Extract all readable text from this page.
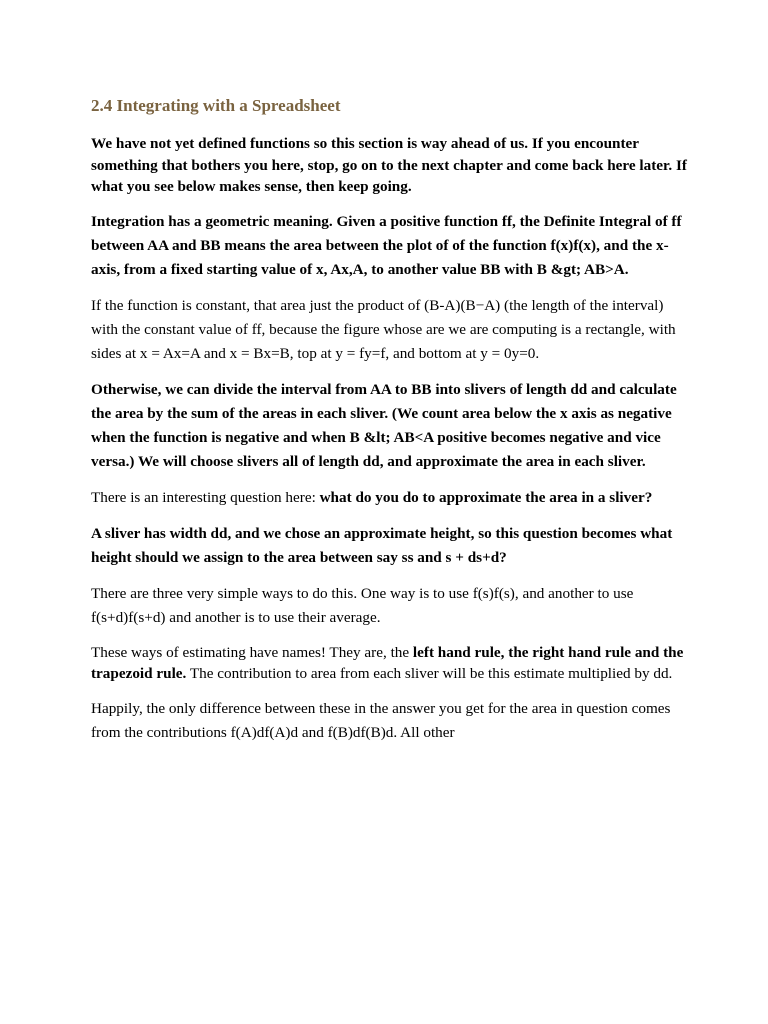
2.4 Integrating with a Spreadsheet
We have not yet defined functions so this section is way ahead of us. If you encounter something that bothers you here, stop, go on to the next chapter and come back here later. If what you see below makes sense, then keep going.
Integration has a geometric meaning. Given a positive function ff, the Definite Integral of ff between AA and BB means the area between the plot of of the function f(x)f(x), and the x-axis, from a fixed starting value of x, Ax,A, to another value BB with B &gt; AB>A.
If the function is constant, that area just the product of (B-A)(B−A) (the length of the interval) with the constant value of ff, because the figure whose are we are computing is a rectangle, with sides at x = Ax=A and x = Bx=B, top at y = fy=f, and bottom at y = 0y=0.
Otherwise, we can divide the interval from AA to BB into slivers of length dd and calculate the area by the sum of the areas in each sliver. (We count area below the x axis as negative when the function is negative and when B &lt; AB<A positive becomes negative and vice versa.) We will choose slivers all of length dd, and approximate the area in each sliver.
There is an interesting question here: what do you do to approximate the area in a sliver?
A sliver has width dd, and we chose an approximate height, so this question becomes what height should we assign to the area between say ss and s + ds+d?
There are three very simple ways to do this. One way is to use f(s)f(s), and another to use f(s+d)f(s+d) and another is to use their average.
These ways of estimating have names! They are, the left hand rule, the right hand rule and the trapezoid rule. The contribution to area from each sliver will be this estimate multiplied by dd.
Happily, the only difference between these in the answer you get for the area in question comes from the contributions f(A)df(A)d and f(B)df(B)d. All other
